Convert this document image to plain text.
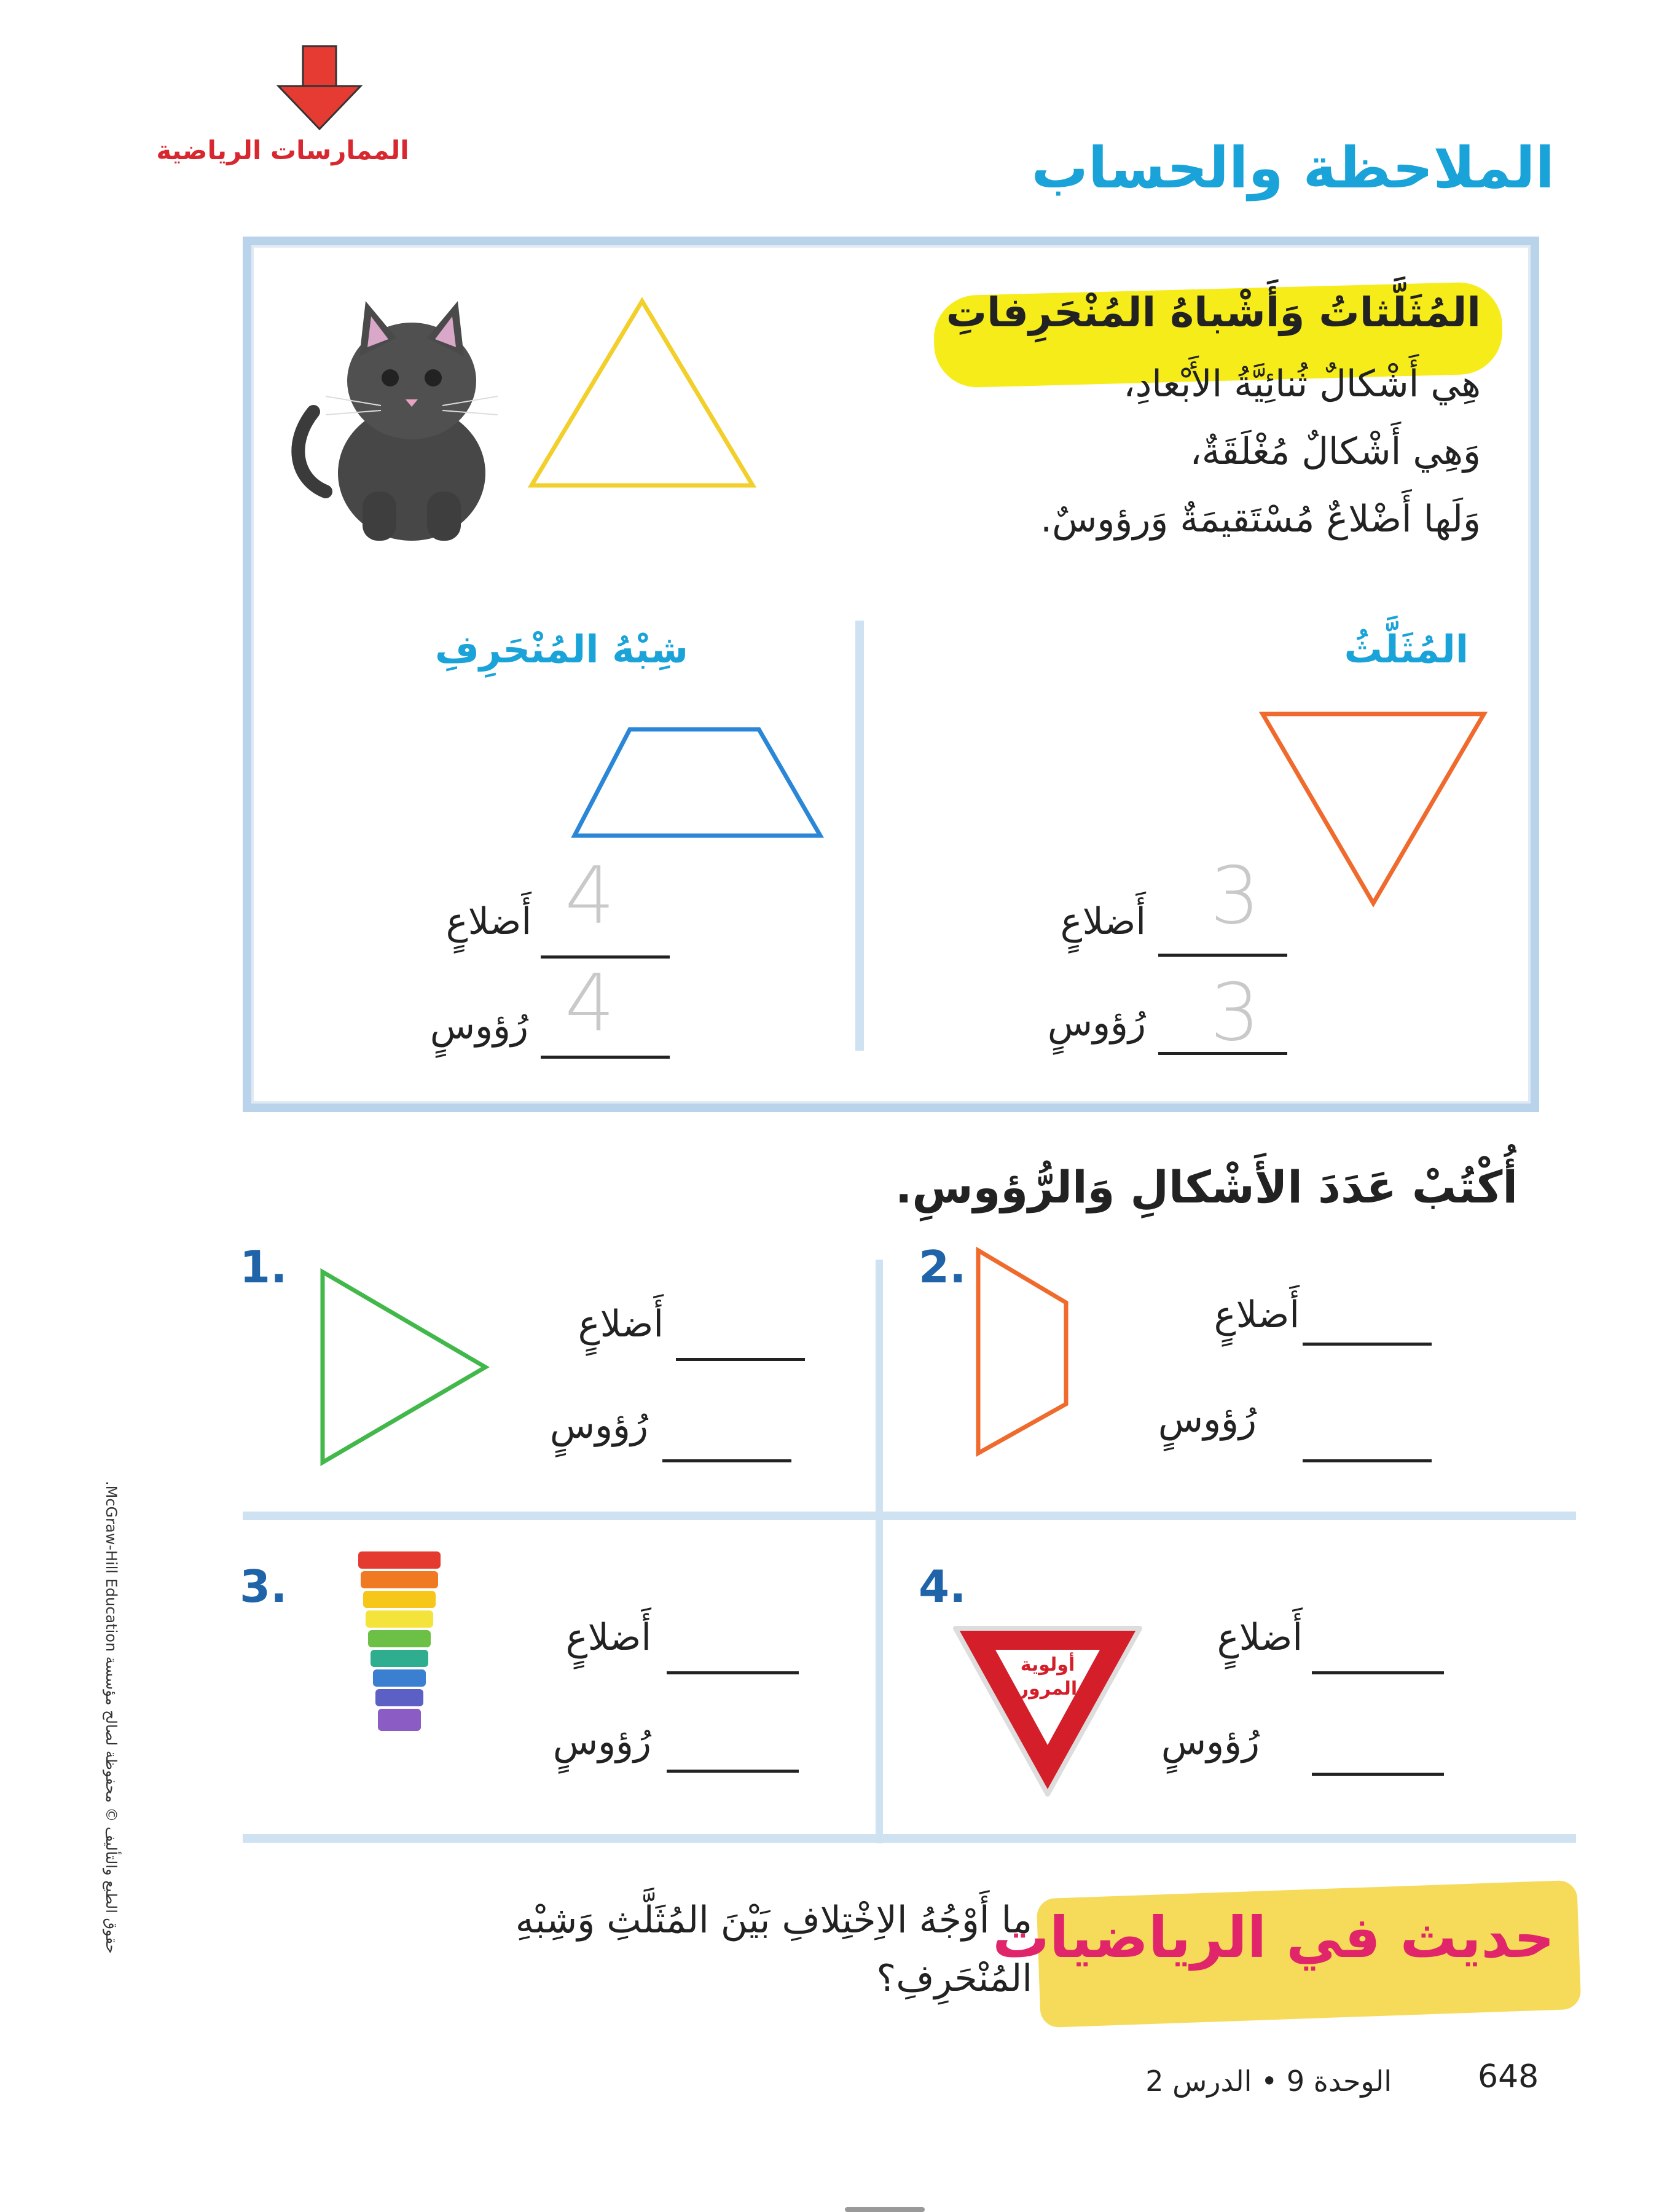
الممارسات الرياضية	الملاحظة والحساب
المُثَلَّثاتُ وَأَشْباهُ المُنْحَرِفاتِ
هِي أَشْكالٌ ثُنائِيَّةُ الأَبْعادِ،
وَهِي أَشْكالٌ مُغْلَقَةٌ،
وَلَها أَضْلاعٌ مُسْتَقيمَةٌ وَرؤوسٌ.
المُثَلَّثُ
3
أَضلاعٍ
3
رُؤوسٍ
شِبْهُ المُنْحَرِفِ
4
أَضلاعٍ
4
رُؤوسٍ
أُكْتُبْ عَدَدَ الأَشْكالِ وَالرُّؤوسِ.
1.
أَضلاعٍ
رُؤوسٍ
2.
أَضلاعٍ
رُؤوسٍ
3.
أَضلاعٍ
رُؤوسٍ
4.
أولوية المرور
أَضلاعٍ
رُؤوسٍ
حديث في الرياضيات
ما أَوْجُهُ الاِخْتِلافِ بَيْنَ المُثَلَّثِ وَشِبْهِ
المُنْحَرِفِ؟
648
الوحدة 9 • الدرس 2
حقوق الطبع والتأليف © محفوظة لصالح مؤسسة McGraw-Hill Education.
